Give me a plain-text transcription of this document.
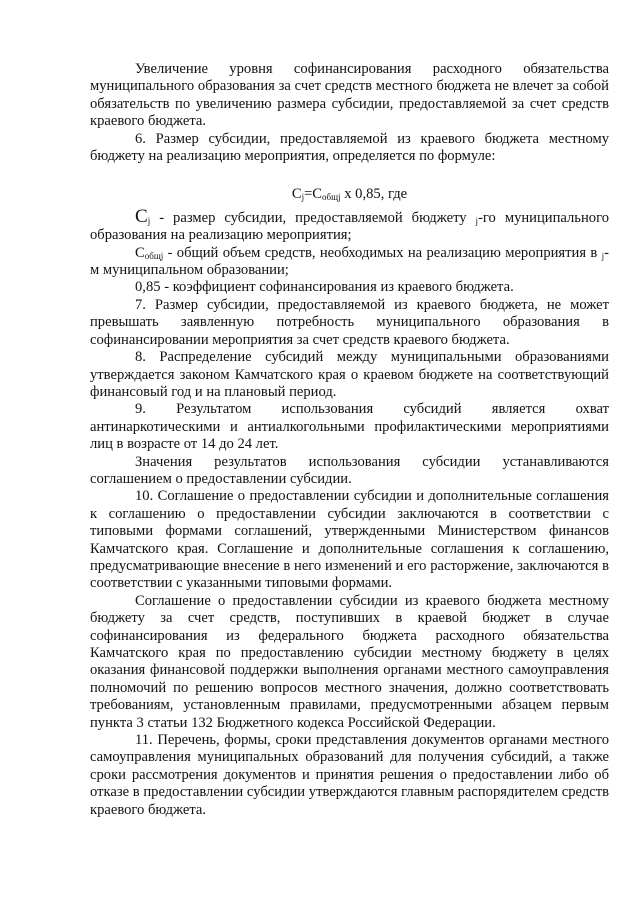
Увеличение уровня софинансирования расходного обязательства муниципального образования за счет средств местного бюджета не влечет за собой обязательств по увеличению размера субсидии, предоставляемой за счет средств краевого бюджета.

6. Размер субсидии, предоставляемой из краевого бюджета местному бюджету на реализацию мероприятия, определяется по формуле:

$С_j=С_{общj}$ х 0,85, где

$С_j$ - размер субсидии, предоставляемой бюджету $_j$-го муниципального образования на реализацию мероприятия;

$С_{общj}$ - общий объем средств, необходимых на реализацию мероприятия в $_j$-м муниципальном образовании;

0,85 - коэффициент софинансирования из краевого бюджета.

7. Размер субсидии, предоставляемой из краевого бюджета, не может превышать заявленную потребность муниципального образования в софинансировании мероприятия за счет средств краевого бюджета.

8. Распределение субсидий между муниципальными образованиями утверждается законом Камчатского края о краевом бюджете на соответствующий финансовый год и на плановый период.

9. Результатом использования субсидий является охват антинаркотическими и антиалкогольными профилактическими мероприятиями лиц в возрасте от 14 до 24 лет.

Значения результатов использования субсидии устанавливаются соглашением о предоставлении субсидии.

10. Соглашение о предоставлении субсидии и дополнительные соглашения к соглашению о предоставлении субсидии заключаются в соответствии с типовыми формами соглашений, утвержденными Министерством финансов Камчатского края. Соглашение и дополнительные соглашения к соглашению, предусматривающие внесение в него изменений и его расторжение, заключаются в соответствии с указанными типовыми формами.

Соглашение о предоставлении субсидии из краевого бюджета местному бюджету за счет средств, поступивших в краевой бюджет в случае софинансирования из федерального бюджета расходного обязательства Камчатского края по предоставлению субсидии местному бюджету в целях оказания финансовой поддержки выполнения органами местного самоуправления полномочий по решению вопросов местного значения, должно соответствовать требованиям, установленным правилами, предусмотренными абзацем первым пункта 3 статьи 132 Бюджетного кодекса Российской Федерации.

11. Перечень, формы, сроки представления документов органами местного самоуправления муниципальных образований для получения субсидий, а также сроки рассмотрения документов и принятия решения о предоставлении либо об отказе в предоставлении субсидии утверждаются главным распорядителем средств краевого бюджета.
